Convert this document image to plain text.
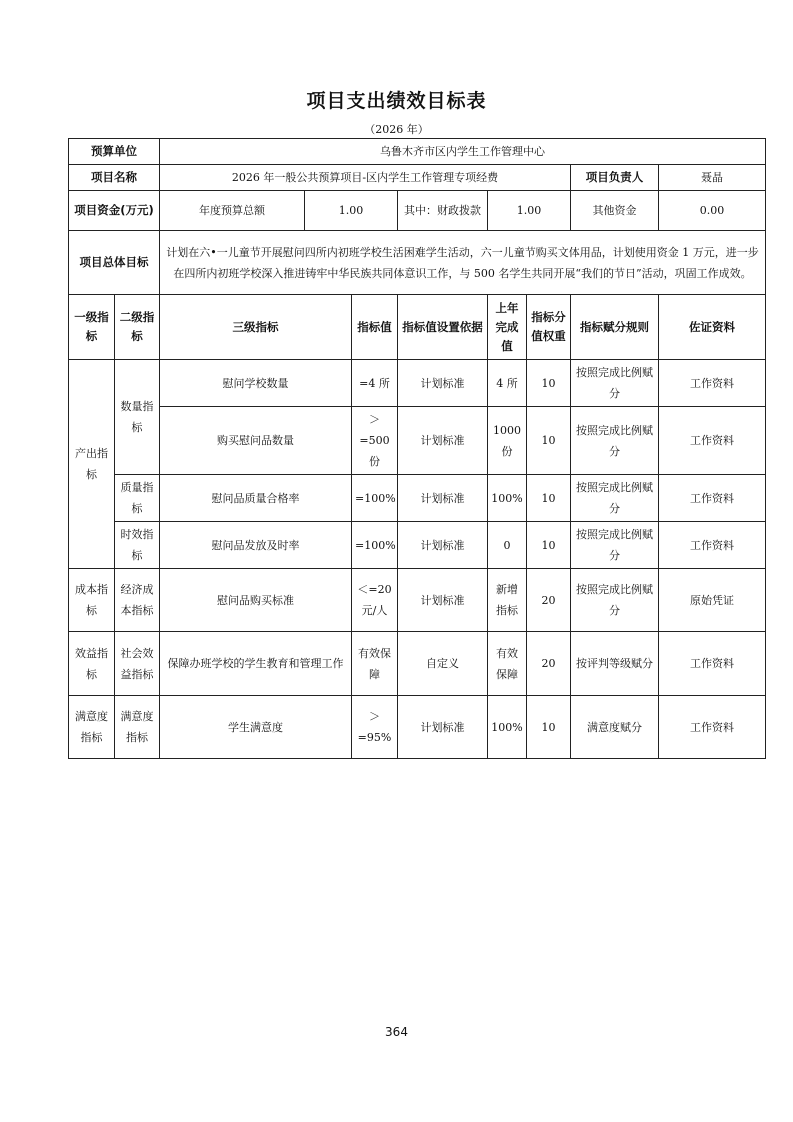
项目支出绩效目标表
（2026 年）
预算单位		乌鲁木齐市区内学生工作管理中心							
项目名称		2026 年一般公共预算项目-区内学生工作管理专项经费						项目负责人	聂晶
项目资金(万元)		年度预算总额	1.00		其中：财政拨款	1.00		其他资金	0.00
项目总体目标		计划在六•一儿童节开展慰问四所内初班学校生活困难学生活动，六一儿童节购买文体用品，计划使用资金 1 万元，进一步在四所内初班学校深入推进铸牢中华民族共同体意识工作，与 500 名学生共同开展“我们的节日”活动，巩固工作成效。							
一级指标	二级指标	三级指标		指标值	指标值设置依据	上年完成值	指标分值权重	指标赋分规则	佐证资料
产出指标	数量指标	慰问学校数量		=4 所	计划标准	4 所	10	按照完成比例赋分	工作资料
		购买慰问品数量		＞=500份	计划标准	1000份	10	按照完成比例赋分	工作资料
	质量指标	慰问品质量合格率		=100%	计划标准	100%	10	按照完成比例赋分	工作资料
	时效指标	慰问品发放及时率		=100%	计划标准	0	10	按照完成比例赋分	工作资料
成本指标	经济成本指标	慰问品购买标准		＜=20元/人	计划标准	新增指标	20	按照完成比例赋分	原始凭证
效益指标	社会效益指标	保障办班学校的学生教育和管理工作		有效保障	自定义	有效保障	20	按评判等级赋分	工作资料
满意度指标	满意度指标	学生满意度		＞=95%	计划标准	100%	10	满意度赋分	工作资料
364
